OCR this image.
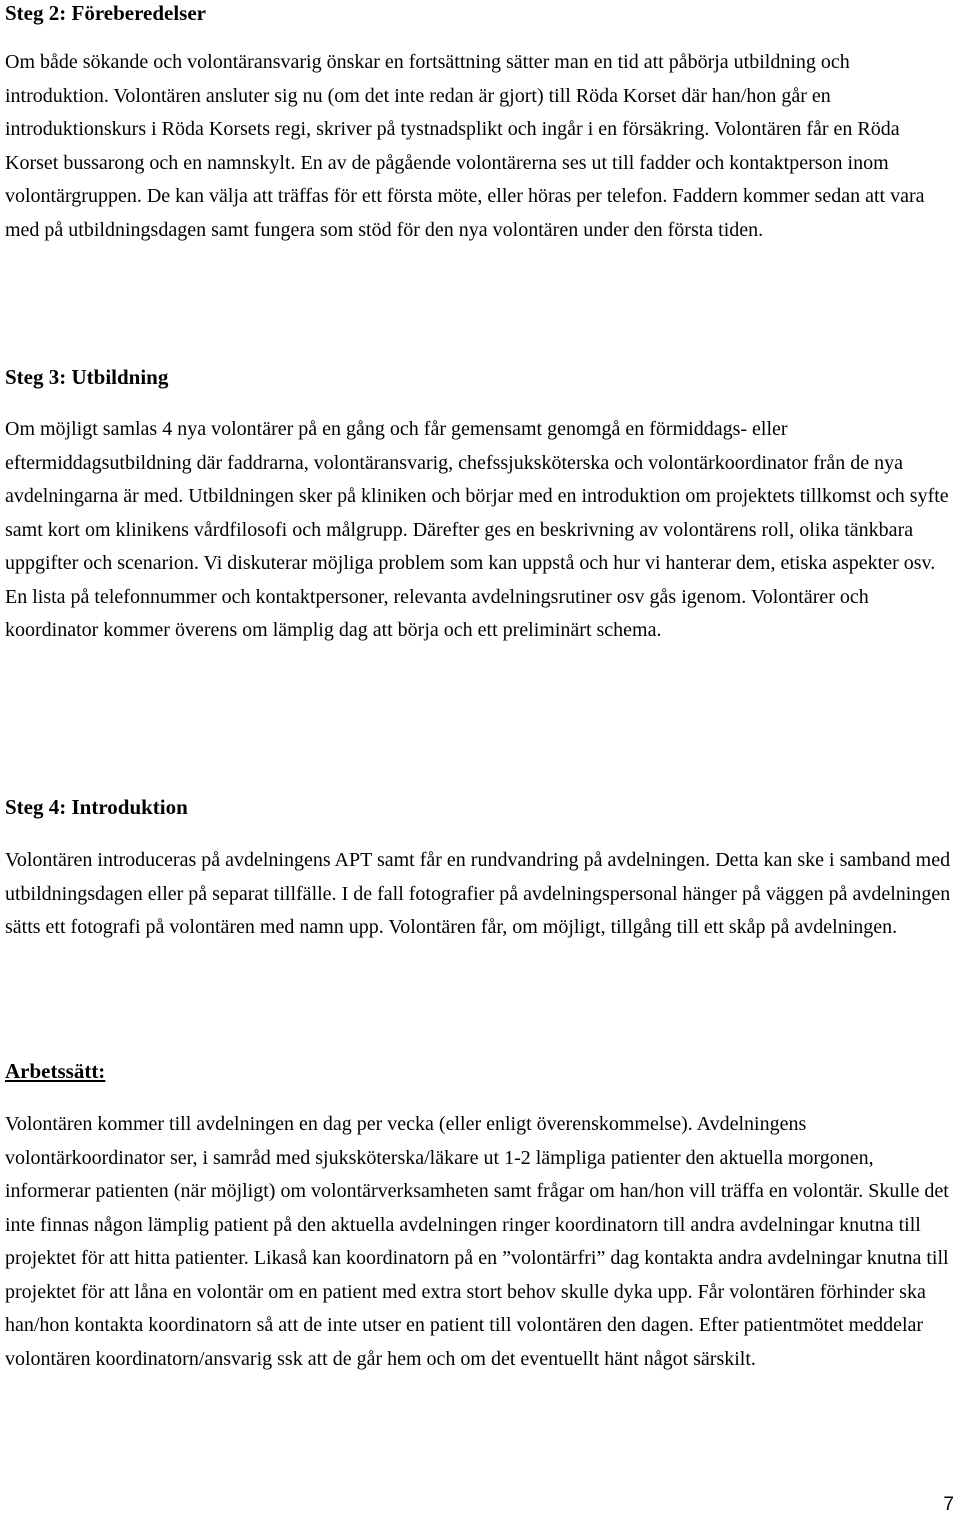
Steg 2: Föreberedelser

Om både sökande och volontäransvarig önskar en fortsättning sätter man en tid att påbörja utbildning och introduktion. Volontären ansluter sig nu (om det inte redan är gjort) till Röda Korset där han/hon går en introduktionskurs i Röda Korsets regi, skriver på tystnadsplikt och ingår i en försäkring. Volontären får en Röda Korset bussarong och en namnskylt. En av de pågående volontärerna ses ut till fadder och kontaktperson inom volontärgruppen. De kan välja att träffas för ett första möte, eller höras per telefon. Faddern kommer sedan att vara med på utbildningsdagen samt fungera som stöd för den nya volontären under den första tiden.

Steg 3: Utbildning

Om möjligt samlas 4 nya volontärer på en gång och får gemensamt genomgå en förmiddags- eller eftermiddagsutbildning där faddrarna, volontäransvarig, chefssjuksköterska och volontärkoordinator från de nya avdelningarna är med. Utbildningen sker på kliniken och börjar med en introduktion om projektets tillkomst och syfte samt kort om klinikens vårdfilosofi och målgrupp. Därefter ges en beskrivning av volontärens roll, olika tänkbara uppgifter och scenarion. Vi diskuterar möjliga problem som kan uppstå och hur vi hanterar dem, etiska aspekter osv. En lista på telefonnummer och kontaktpersoner, relevanta avdelningsrutiner osv gås igenom. Volontärer och koordinator kommer överens om lämplig dag att börja och ett preliminärt schema.

Steg 4: Introduktion

Volontären introduceras på avdelningens APT samt får en rundvandring på avdelningen. Detta kan ske i samband med utbildningsdagen eller på separat tillfälle. I de fall fotografier på avdelningspersonal hänger på väggen på avdelningen sätts ett fotografi på volontären med namn upp. Volontären får, om möjligt, tillgång till ett skåp på avdelningen.

Arbetssätt:

Volontären kommer till avdelningen en dag per vecka (eller enligt överenskommelse). Avdelningens volontärkoordinator ser, i samråd med sjuksköterska/läkare ut 1-2 lämpliga patienter den aktuella morgonen, informerar patienten (när möjligt) om volontärverksamheten samt frågar om han/hon vill träffa en volontär. Skulle det inte finnas någon lämplig patient på den aktuella avdelningen ringer koordinatorn till andra avdelningar knutna till projektet för att hitta patienter. Likaså kan koordinatorn på en ”volontärfri” dag kontakta andra avdelningar knutna till projektet för att låna en volontär om en patient med extra stort behov skulle dyka upp. Får volontären förhinder ska han/hon kontakta koordinatorn så att de inte utser en patient till volontären den dagen. Efter patientmötet meddelar volontären koordinatorn/ansvarig ssk att de går hem och om det eventuellt hänt något särskilt.

7
